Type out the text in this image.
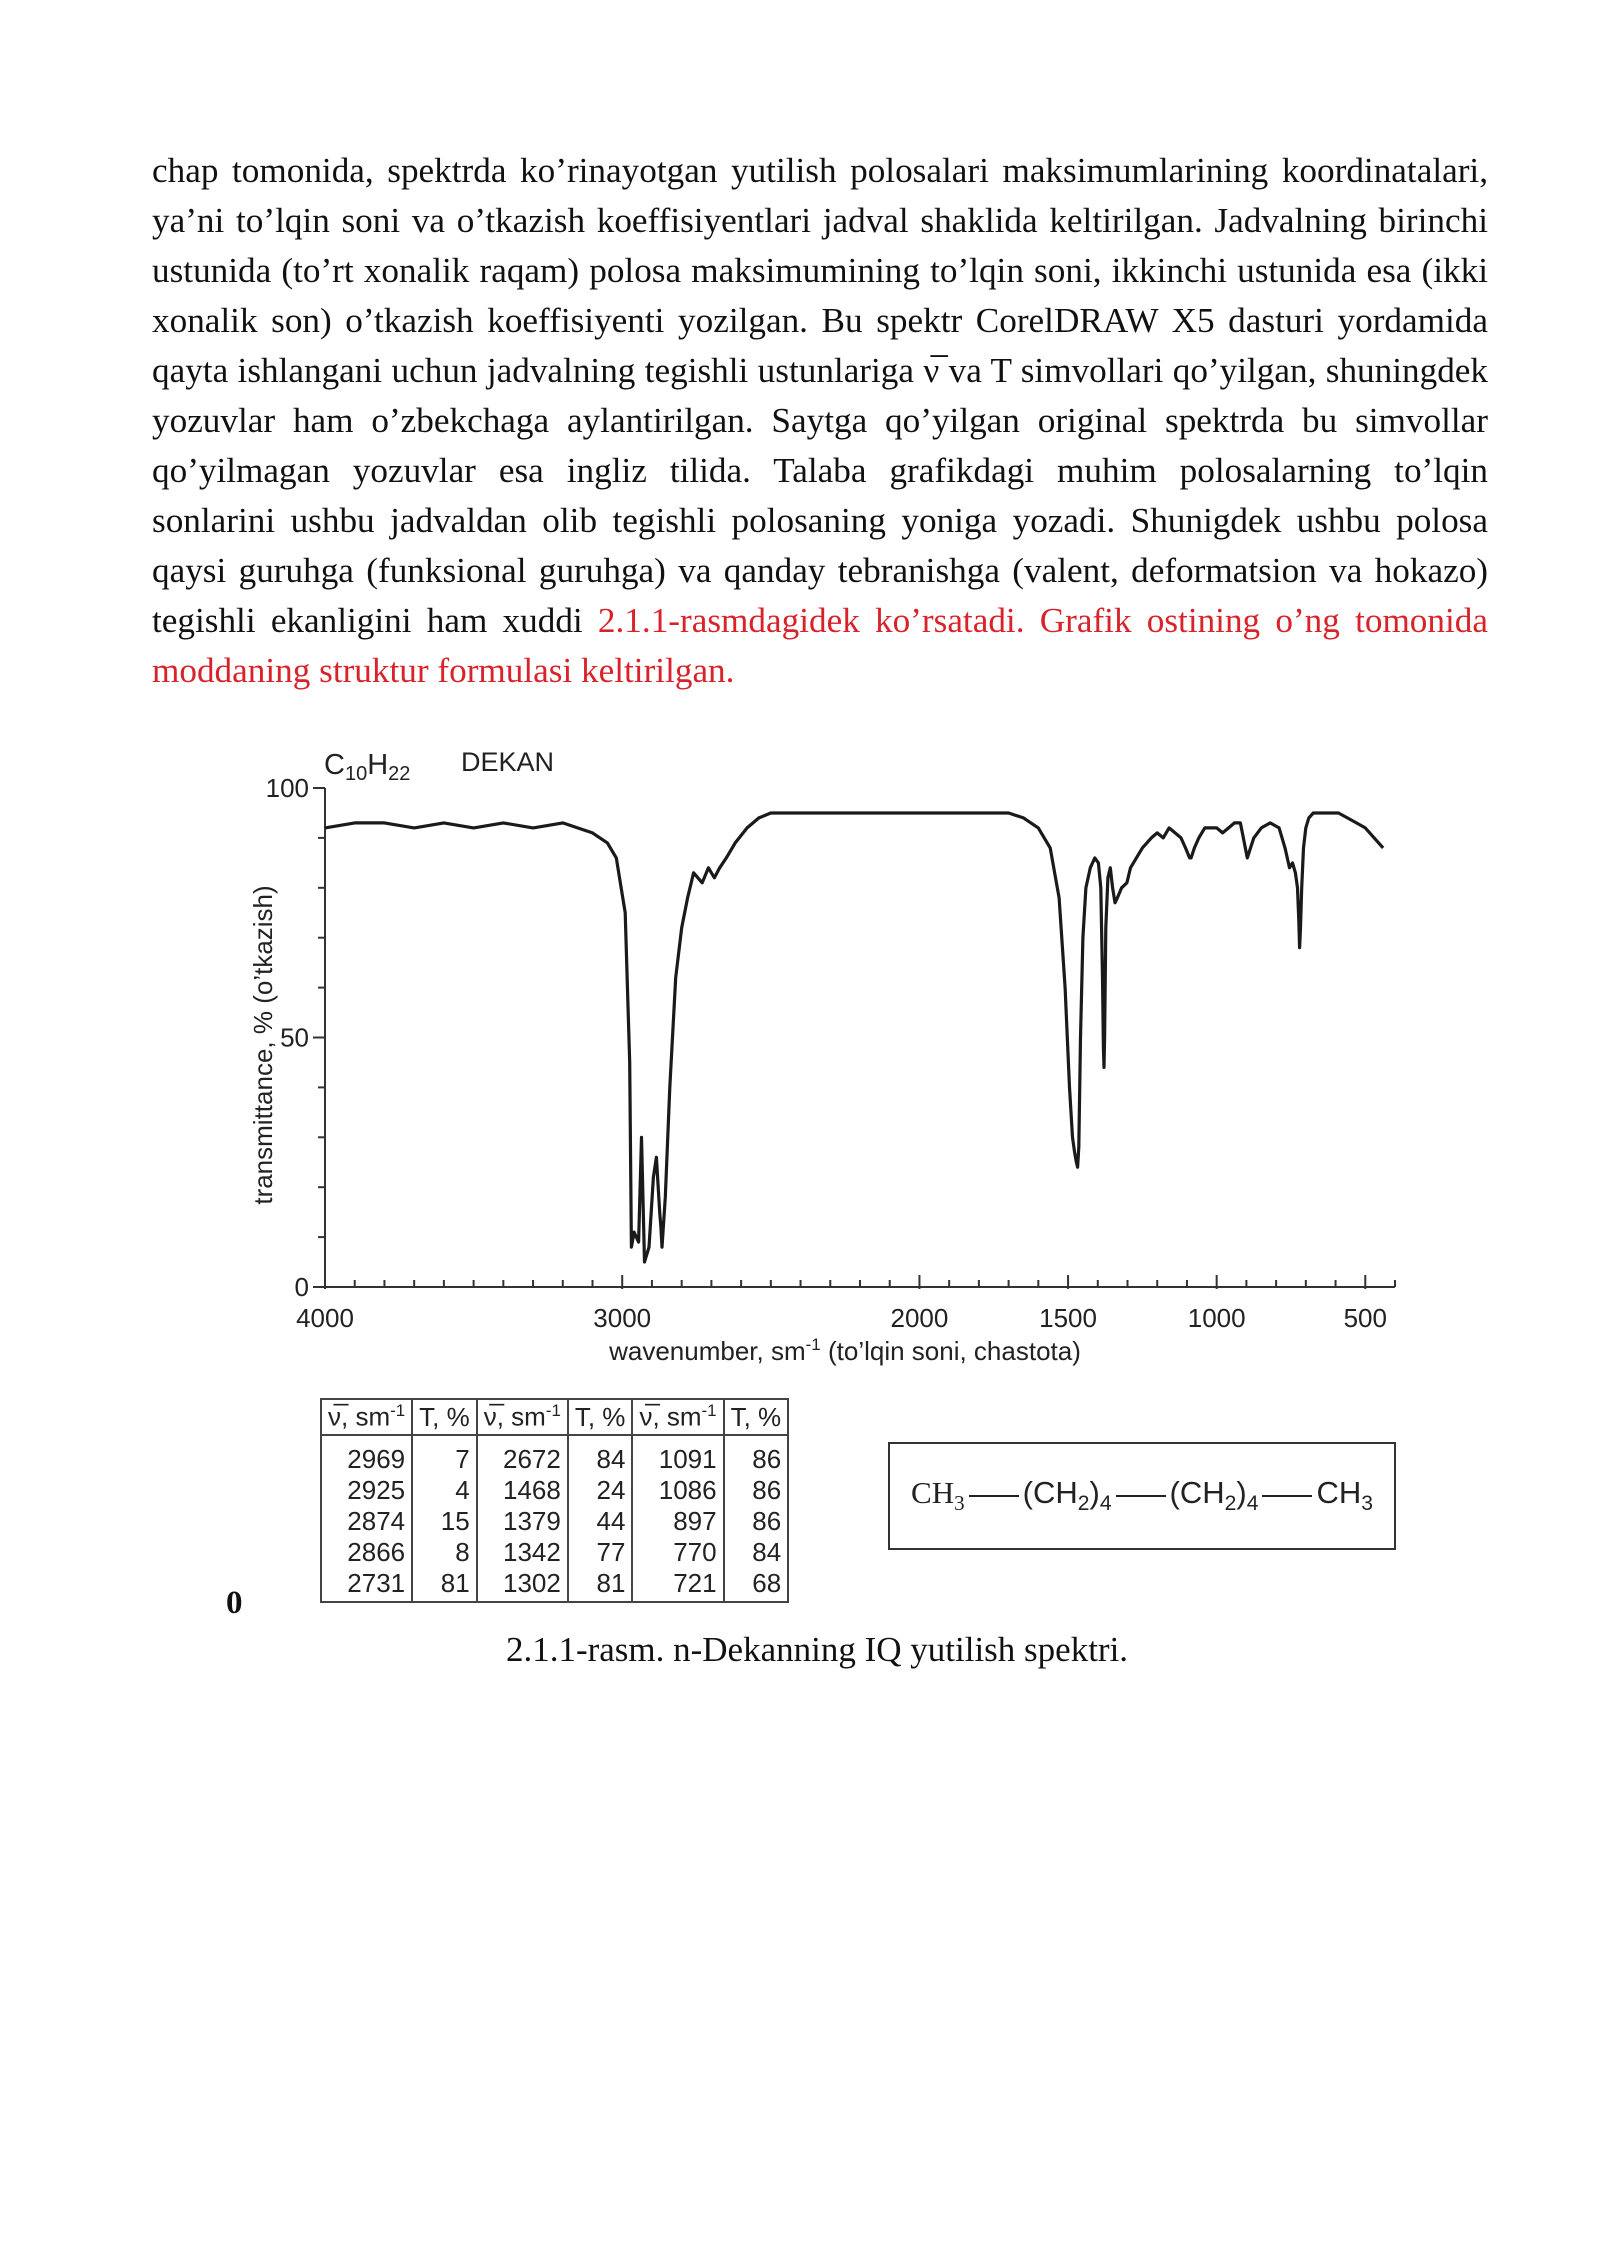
chap tomonida, spektrda ko’rinayotgan yutilish polosalari maksimumlarining koordinatalari, ya’ni to’lqin soni va o’tkazish koeffisiyentlari jadval shaklida keltirilgan. Jadvalning birinchi ustunida (to’rt xonalik raqam) polosa maksimumining to’lqin soni, ikkinchi ustunida esa (ikki xonalik son) o’tkazish koeffisiyenti yozilgan. Bu spektr CorelDRAW X5 dasturi yordamida qayta ishlangani uchun jadvalning tegishli ustunlariga ν̅ va T simvollari qo’yilgan, shuningdek yozuvlar ham o’zbekchaga aylantirilgan. Saytga qo’yilgan original spektrda bu simvollar qo’yilmagan yozuvlar esa ingliz tilida. Talaba grafikdagi muhim polosalarning to’lqin sonlarini ushbu jadvaldan olib tegishli polosaning yoniga yozadi. Shunigdek ushbu polosa qaysi guruhga (funksional guruhga) va qanday tebranishga (valent, deformatsion va hokazo) tegishli ekanligini ham xuddi 2.1.1-rasmdagidek ko’rsatadi. Grafik ostining o’ng tomonida moddaning struktur formulasi keltirilgan.

$C_{10}H_{22}$ DEKAN
0
50
100
4000	3000	2000	1500	1000	500
transmittance, % (o’tkazish)
wavenumber, $sm^{-1}$ (to’lqin soni, chastota)
ν̅, $sm^{-1}$	T, %	ν̅, $sm^{-1}$	T, %	ν̅, $sm^{-1}$	T, %
2969	7	2672	84	1091	86
2925	4	1468	24	1086	86
2874	15	1379	44	897	86
2866	8	1342	77	770	84
2731	81	1302	81	721	68
$CH_3$ $(CH_2)_4$ $(CH_2)_4$ $CH_3$
0
2.1.1-rasm. n-Dekanning IQ yutilish spektri.
